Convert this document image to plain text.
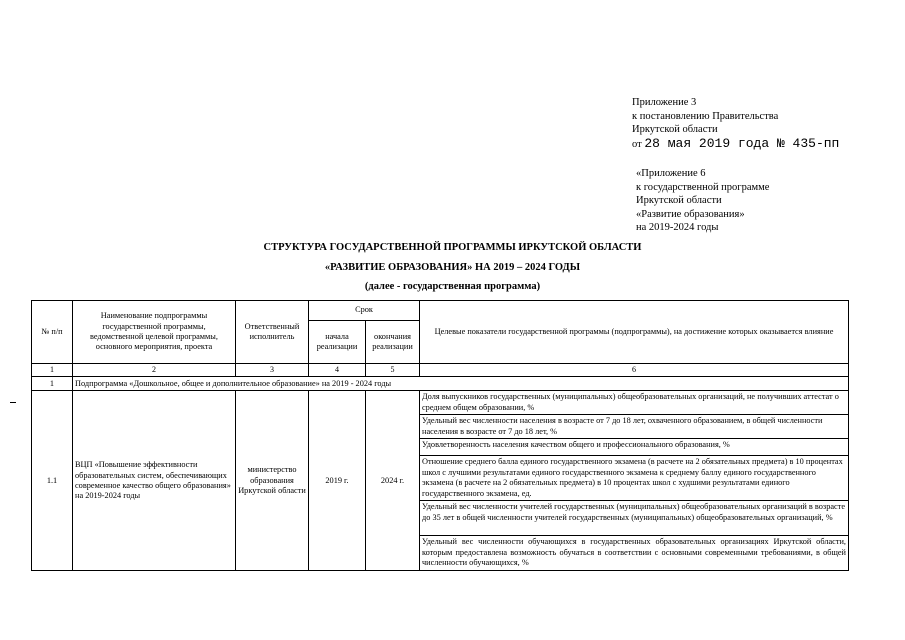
Приложение 3
к постановлению Правительства
Иркутской области
от 28 мая 2019 года № 435-пп
«Приложение 6
к государственной программе
Иркутской области
«Развитие образования»
на 2019-2024 годы
СТРУКТУРА ГОСУДАРСТВЕННОЙ ПРОГРАММЫ ИРКУТСКОЙ ОБЛАСТИ
«РАЗВИТИЕ ОБРАЗОВАНИЯ» НА 2019 – 2024 ГОДЫ
(далее - государственная программа)
№ п/п	Наименование подпрограммы государственной программы, ведомственной целевой программы, основного мероприятия, проекта	Ответственный исполнитель	Срок		Целевые показатели государственной программы (подпрограммы), на достижение которых оказывается влияние
			начала реализации	окончания реализации	
1	2	3	4	5	6
1	Подпрограмма «Дошкольное, общее и дополнительное образование» на 2019 - 2024 годы				
1.1	ВЦП «Повышение эффективности образовательных систем, обеспечивающих современное качество общего образования» на 2019-2024 годы	министерство образования Иркутской области	2019 г.	2024 г.	Доля выпускников государственных (муниципальных) общеобразовательных организаций, не получивших аттестат о среднем общем образовании, %
					Удельный вес численности населения в возрасте от 7 до 18 лет, охваченного образованием, в общей численности населения в возрасте от 7 до 18 лет, %
					Удовлетворенность населения качеством общего и профессионального образования, %
					Отношение среднего балла единого государственного экзамена (в расчете на 2 обязательных предмета) в 10 процентах школ с лучшими результатами единого государственного экзамена к среднему баллу единого государственного экзамена (в расчете на 2 обязательных предмета) в 10 процентах школ с худшими результатами единого государственного экзамена, ед.
					Удельный вес численности учителей государственных (муниципальных) общеобразовательных организаций в возрасте до 35 лет в общей численности учителей государственных (муниципальных) общеобразовательных организаций, %
					Удельный вес численности обучающихся в государственных образовательных организациях Иркутской области, которым предоставлена возможность обучаться в соответствии с основными современными требованиями, в общей численности обучающихся, %
